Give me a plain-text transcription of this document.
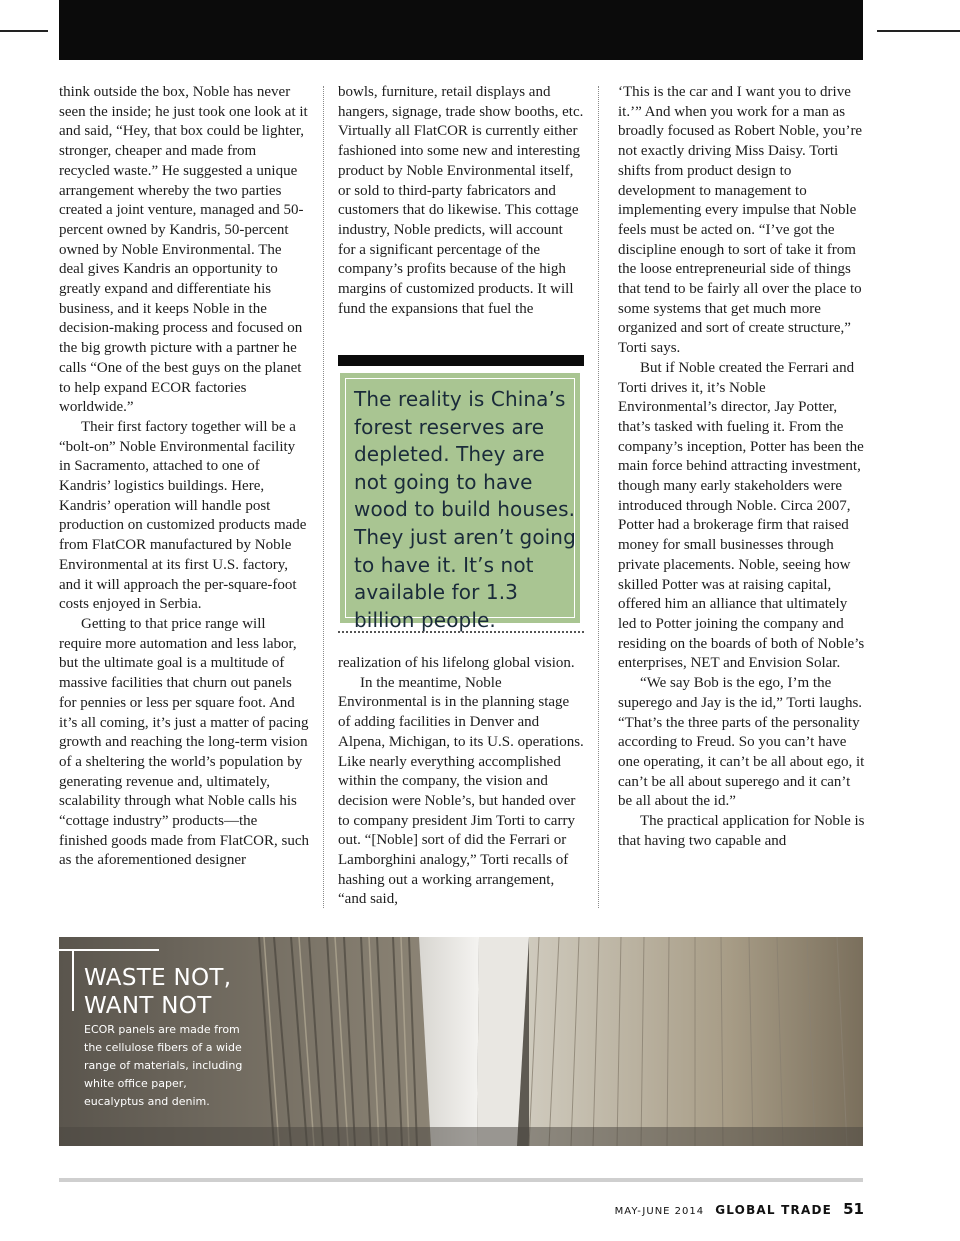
think outside the box, Noble has never seen the inside; he just took one look at it and said, “Hey, that box could be lighter, stronger, cheaper and made from recycled waste.” He suggested a unique arrangement whereby the two parties created a joint venture, managed and 50-percent owned by Kandris, 50-percent owned by Noble Environmental. The deal gives Kandris an opportunity to greatly expand and differentiate his business, and it keeps Noble in the decision-making process and focused on the big growth picture with a partner he calls “One of the best guys on the planet to help expand ECOR factories worldwide.”

Their first factory together will be a “bolt-on” Noble Environmental facility in Sacramento, attached to one of Kandris’ logistics buildings. Here, Kandris’ operation will handle post production on customized products made from FlatCOR manufactured by Noble Environmental at its first U.S. factory, and it will approach the per-square-foot costs enjoyed in Serbia.

Getting to that price range will require more automation and less labor, but the ultimate goal is a multitude of massive facilities that churn out panels for pennies or less per square foot. And it’s all coming, it’s just a matter of pacing growth and reaching the long-term vision of a sheltering the world’s population by generating revenue and, ultimately, scalability through what Noble calls his “cottage industry” products—the finished goods made from FlatCOR, such as the aforementioned designer

bowls, furniture, retail displays and hangers, signage, trade show booths, etc. Virtually all FlatCOR is currently either fashioned into some new and interesting product by Noble Environmental itself, or sold to third-party fabricators and customers that do likewise. This cottage industry, Noble predicts, will account for a significant percentage of the company’s profits because of the high margins of customized products. It will fund the expansions that fuel the

The reality is China’s forest reserves are depleted. They are not going to have wood to build houses. They just aren’t going to have it. It’s not available for 1.3 billion people.

realization of his lifelong global vision.

In the meantime, Noble Environmental is in the planning stage of adding facilities in Denver and Alpena, Michigan, to its U.S. operations. Like nearly everything accomplished within the company, the vision and decision were Noble’s, but handed over to company president Jim Torti to carry out. “[Noble] sort of did the Ferrari or Lamborghini analogy,” Torti recalls of hashing out a working arrangement, “and said,

‘This is the car and I want you to drive it.’” And when you work for a man as broadly focused as Robert Noble, you’re not exactly driving Miss Daisy. Torti shifts from product design to development to management to implementing every impulse that Noble feels must be acted on. “I’ve got the discipline enough to sort of take it from the loose entrepreneurial side of things that tend to be fairly all over the place to some systems that get much more organized and sort of create structure,” Torti says.

But if Noble created the Ferrari and Torti drives it, it’s Noble Environmental’s director, Jay Potter, that’s tasked with fueling it. From the company’s inception, Potter has been the main force behind attracting investment, though many early stakeholders were introduced through Noble. Circa 2007, Potter had a brokerage firm that raised money for small businesses through private placements. Noble, seeing how skilled Potter was at raising capital, offered him an alliance that ultimately led to Potter joining the company and residing on the boards of both of Noble’s enterprises, NET and Envision Solar.

“We say Bob is the ego, I’m the superego and Jay is the id,” Torti laughs. “That’s the three parts of the personality according to Freud. So you can’t have one operating, it can’t be all about ego, it can’t be all about superego and it can’t be all about the id.”

The practical application for Noble is that having two capable and

WASTE NOT, WANT NOT
ECOR panels are made from the cellulose fibers of a wide range of materials, including white office paper, eucalyptus and denim.
MAY-JUNE 2014 GLOBAL TRADE 51
